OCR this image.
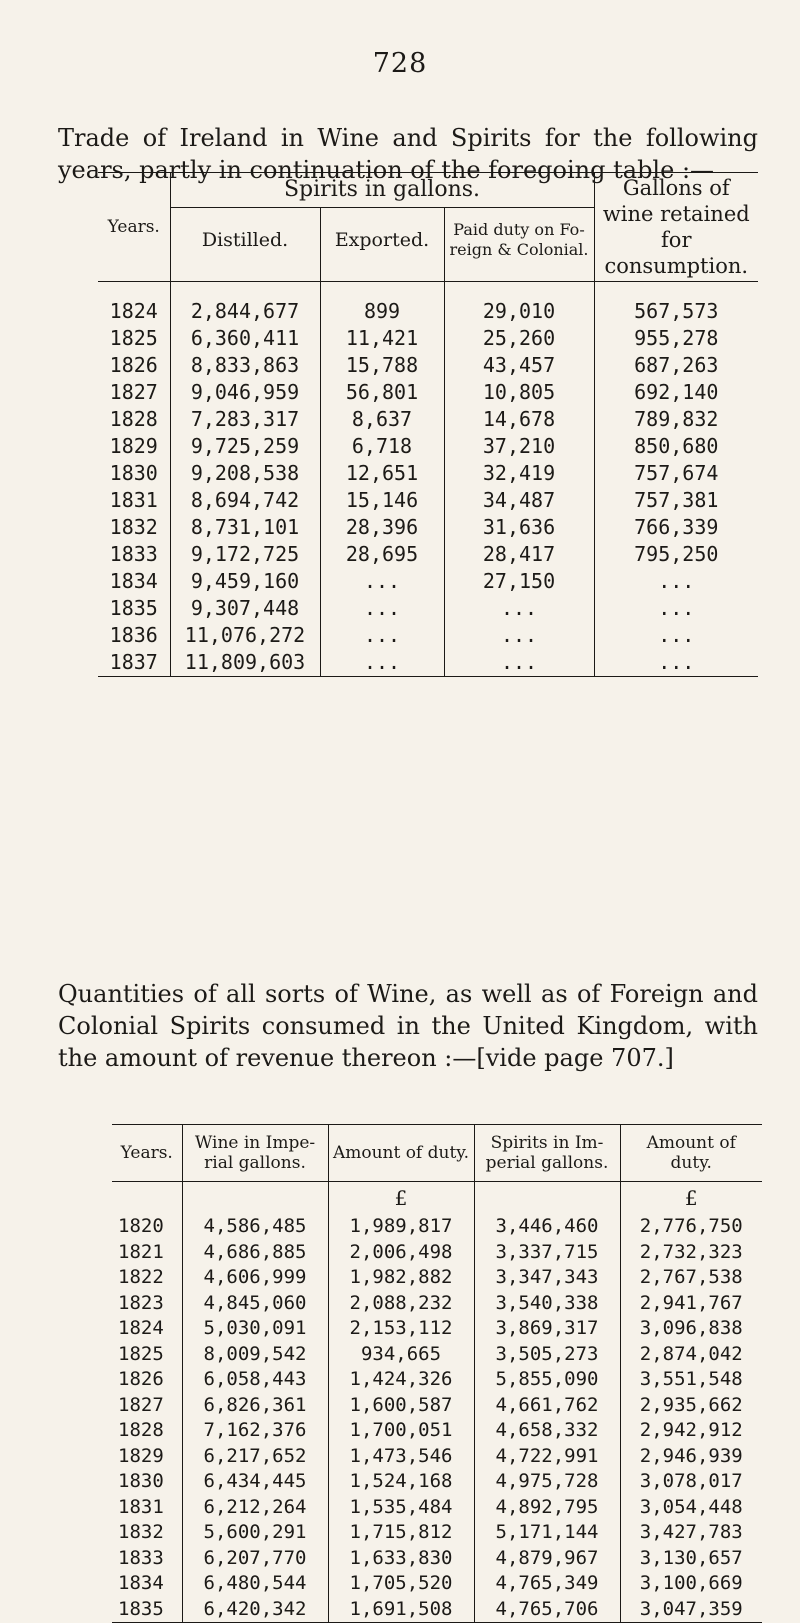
728
Trade of Ireland in Wine and Spirits for the following years, partly in continuation of the foregoing table :—
Years.	Spirits in gallons.			Gallons of wine retained for consumption.
	Distilled.	Exported.	Paid duty on Fo-reign & Colonial.	

1824	2,844,677	899	29,010	567,573
1825	6,360,411	11,421	25,260	955,278
1826	8,833,863	15,788	43,457	687,263
1827	9,046,959	56,801	10,805	692,140
1828	7,283,317	8,637	14,678	789,832
1829	9,725,259	6,718	37,210	850,680
1830	9,208,538	12,651	32,419	757,674
1831	8,694,742	15,146	34,487	757,381
1832	8,731,101	28,396	31,636	766,339
1833	9,172,725	28,695	28,417	795,250
1834	9,459,160	...	27,150	...
1835	9,307,448	...	...	...
1836	11,076,272	...	...	...
1837	11,809,603	...	...	...
Quantities of all sorts of Wine, as well as of Foreign and Colonial Spirits consumed in the United Kingdom, with the amount of revenue thereon :—[vide page 707.]
Years.	Wine in Impe-rial gallons.	Amount of duty.	Spirits in Im-perial gallons.	Amount of duty.
		£		£
1820	4,586,485	1,989,817	3,446,460	2,776,750
1821	4,686,885	2,006,498	3,337,715	2,732,323
1822	4,606,999	1,982,882	3,347,343	2,767,538
1823	4,845,060	2,088,232	3,540,338	2,941,767
1824	5,030,091	2,153,112	3,869,317	3,096,838
1825	8,009,542	934,665	3,505,273	2,874,042
1826	6,058,443	1,424,326	5,855,090	3,551,548
1827	6,826,361	1,600,587	4,661,762	2,935,662
1828	7,162,376	1,700,051	4,658,332	2,942,912
1829	6,217,652	1,473,546	4,722,991	2,946,939
1830	6,434,445	1,524,168	4,975,728	3,078,017
1831	6,212,264	1,535,484	4,892,795	3,054,448
1832	5,600,291	1,715,812	5,171,144	3,427,783
1833	6,207,770	1,633,830	4,879,967	3,130,657
1834	6,480,544	1,705,520	4,765,349	3,100,669
1835	6,420,342	1,691,508	4,765,706	3,047,359
